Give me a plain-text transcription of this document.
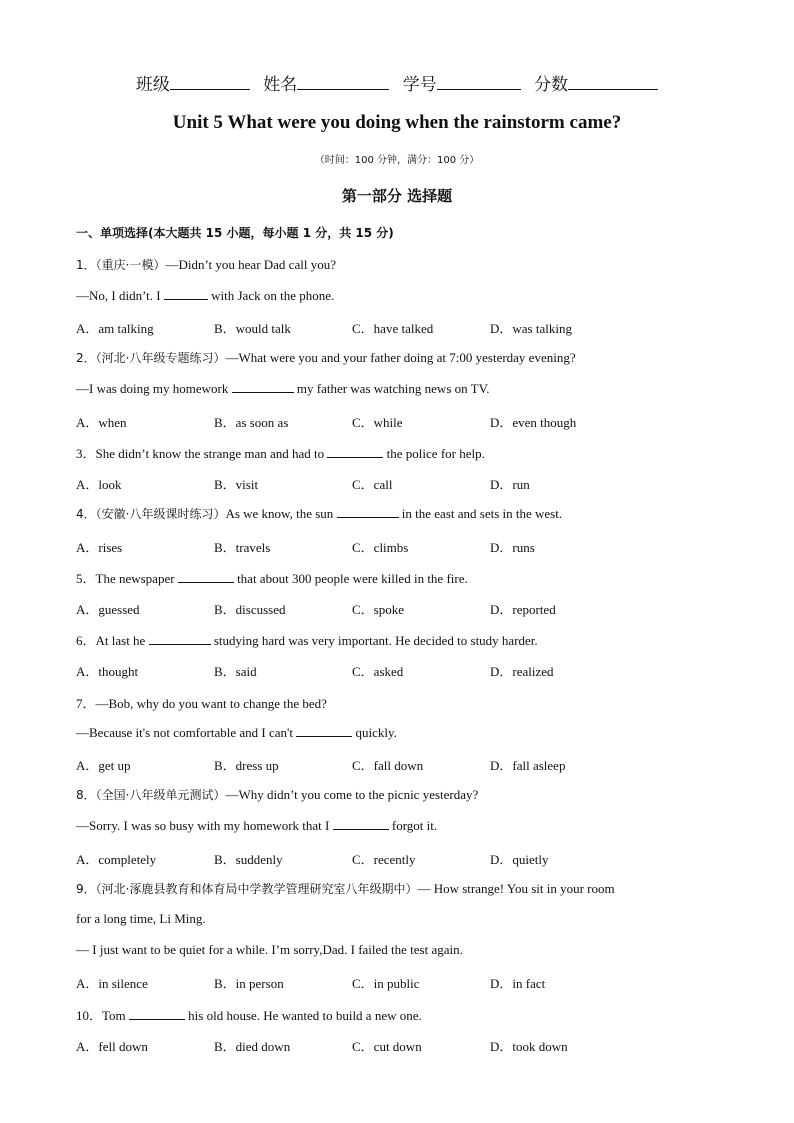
班级	姓名	学号	分数
Unit 5 What were you doing when the rainstorm came?
（时间：100 分钟，满分：100 分）
第一部分 选择题
一、单项选择(本大题共 15 小题，每小题 1 分，共 15 分)
1．（重庆·一模）—Didn’t you hear Dad call you?
—No, I didn’t. I	with Jack on the phone.
A．am talking	B．would talk	C．have talked	D．was talking
2．（河北·八年级专题练习）—What were you and your father doing at 7:00 yesterday evening?
—I was doing my homework	my father was watching news on TV.
A．when	B．as soon as	C．while	D．even though
3．She didn’t know the strange man and had to	the police for help.
A．look	B．visit	C．call	D．run
4．（安徽·八年级课时练习）As we know, the sun	in the east and sets in the west.
A．rises	B．travels	C．climbs	D．runs
5．The newspaper	that about 300 people were killed in the fire.
A．guessed	B．discussed	C．spoke	D．reported
6．At last he	studying hard was very important. He decided to study harder.
A．thought	B．said	C．asked	D．realized
7．—Bob, why do you want to change the bed?
—Because it's not comfortable and I can't	quickly.
A．get up	B．dress up	C．fall down	D．fall asleep
8．（全国·八年级单元测试）—Why didn’t you come to the picnic yesterday?
—Sorry. I was so busy with my homework that I	forgot it.
A．completely	B．suddenly	C．recently	D．quietly
9．（河北·涿鹿县教育和体育局中学教学管理研究室八年级期中）— How strange! You sit in your room
for a long time, Li Ming.
— I just want to be quiet for a while. I’m sorry,Dad. I failed the test again.
A．in silence	B．in person	C．in public	D．in fact
10．Tom	his old house. He wanted to build a new one.
A．fell down	B．died down	C．cut down	D．took down
